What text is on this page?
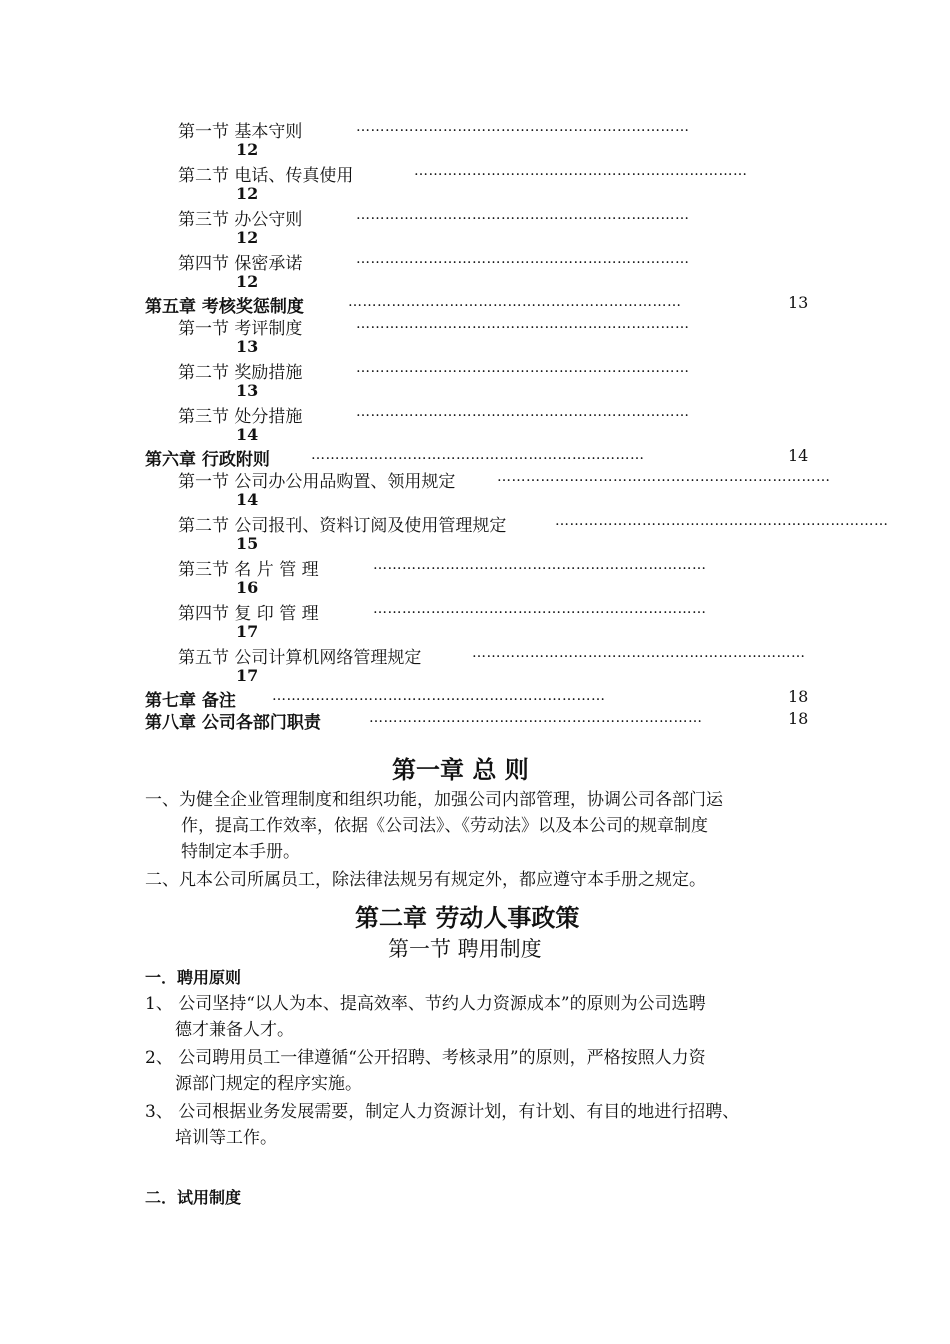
第一节 基本守则	……………………………………………………………
12
第二节 电话、传真使用	……………………………………………………………
12
第三节 办公守则	……………………………………………………………
12
第四节 保密承诺	……………………………………………………………
12
第五章 考核奖惩制度	……………………………………………………………	13
第一节 考评制度	……………………………………………………………
13
第二节 奖励措施	……………………………………………………………
13
第三节 处分措施	……………………………………………………………
14
第六章 行政附则	……………………………………………………………	14
第一节 公司办公用品购置、领用规定	……………………………………………………………
14
第二节 公司报刊、资料订阅及使用管理规定	……………………………………………………………
15
第三节 名 片 管 理	……………………………………………………………
16
第四节 复 印 管 理	……………………………………………………………
17
第五节 公司计算机网络管理规定	……………………………………………………………
17
第七章 备注	……………………………………………………………	18
第八章 公司各部门职责	……………………………………………………………	18
第一章 总 则
一、为健全企业管理制度和组织功能，加强公司内部管理，协调公司各部门运
作，提高工作效率，依据《公司法》、《劳动法》以及本公司的规章制度
特制定本手册。
二、凡本公司所属员工，除法律法规另有规定外，都应遵守本手册之规定。
第二章 劳动人事政策
第一节 聘用制度
一．聘用原则
1、 公司坚持“以人为本、提高效率、节约人力资源成本”的原则为公司选聘
德才兼备人才。
2、 公司聘用员工一律遵循“公开招聘、考核录用”的原则，严格按照人力资
源部门规定的程序实施。
3、 公司根据业务发展需要，制定人力资源计划，有计划、有目的地进行招聘、
培训等工作。
二．试用制度
